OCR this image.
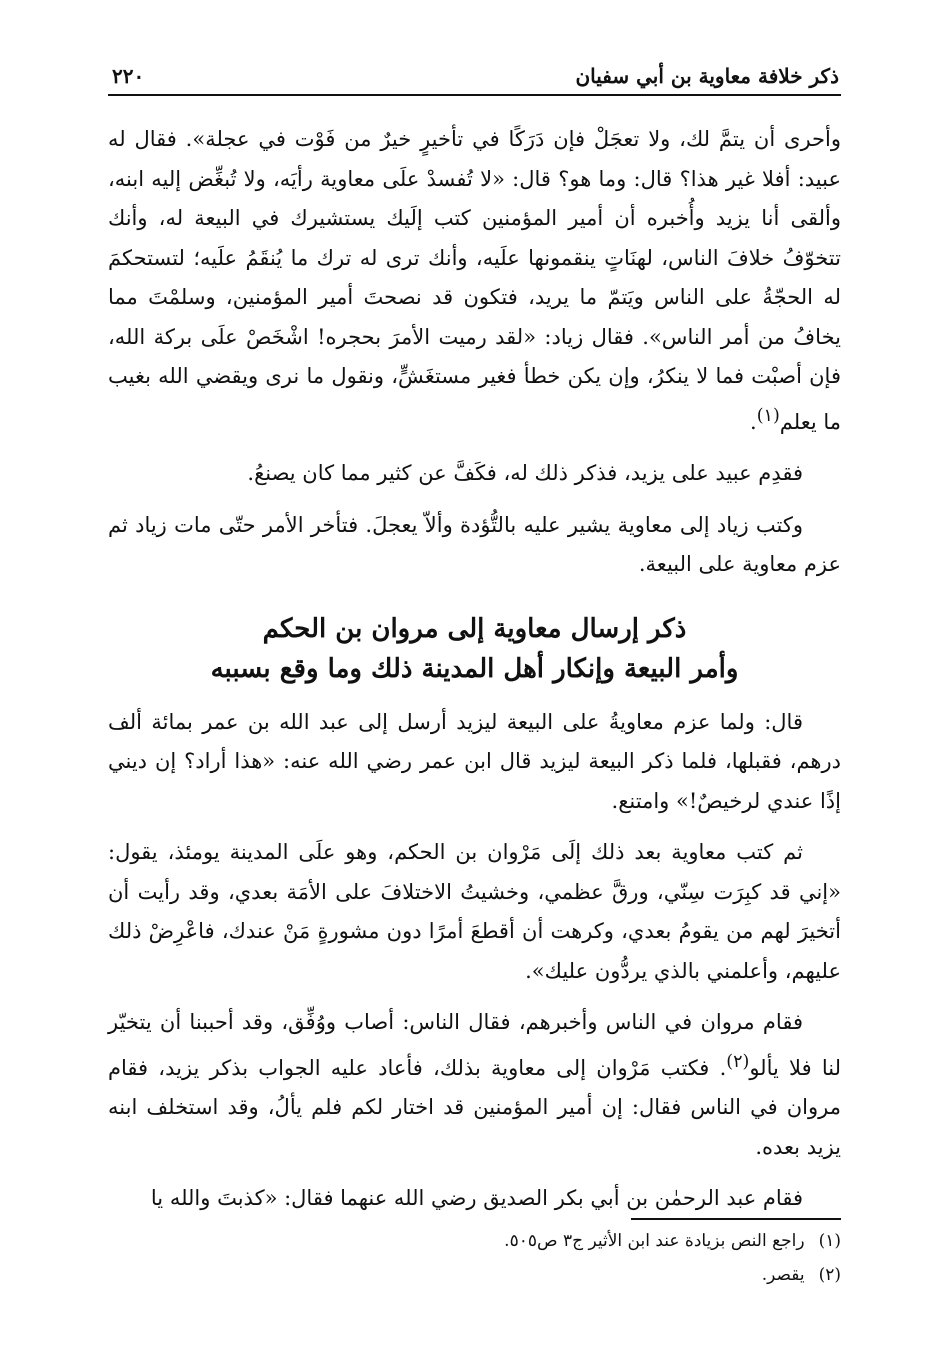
ذكر خلافة معاوية بن أبي سفيان
٢٢٠

وأحرى أن يتمَّ لك، ولا تعجَلْ فإن دَرَكًا في تأخيرٍ خيرٌ من فَوْت في عجلة». فقال له عبيد: أفلا غير هذا؟ قال: وما هو؟ قال: «لا تُفسدْ علَى معاوية رأيَه، ولا تُبغِّض إليه ابنه، وألقى أنا يزيد وأُخبره أن أمير المؤمنين كتب إلَيك يستشيرك في البيعة له، وأنك تتخوّفُ خلافَ الناس، لهنَاتٍ ينقمونها علَيه، وأنك ترى له ترك ما يُنقَمُ علَيه؛ لتستحكمَ له الحجّةُ على الناس ويَتمّ ما يريد، فتكون قد نصحتَ أمير المؤمنين، وسلمْتَ مما يخافُ من أمر الناس». فقال زياد: «لقد رميت الأمرَ بحجره! اشْخَصْ علَى بركة الله، فإن أصبْت فما لا ينكرُ، وإن يكن خطأ فغير مستغَشٍّ، ونقول ما نرى ويقضي الله بغيب ما يعلم$^{(١)}$.

فقدِم عبيد على يزيد، فذكر ذلك له، فكَفَّ عن كثير مما كان يصنعُ.

وكتب زياد إلى معاوية يشير عليه بالتُّؤدة وألاّ يعجلَ. فتأخر الأمر حتّى مات زياد ثم عزم معاوية على البيعة.

ذكر إرسال معاوية إلى مروان بن الحكم
وأمر البيعة وإنكار أهل المدينة ذلك وما وقع بسببه

قال: ولما عزم معاويةُ على البيعة ليزيد أرسل إلى عبد الله بن عمر بمائة ألف درهم، فقبلها، فلما ذكر البيعة ليزيد قال ابن عمر رضي الله عنه: «هذا أراد؟ إن ديني إذًا عندي لرخيصٌ!» وامتنع.

ثم كتب معاوية بعد ذلك إلَى مَرْوان بن الحكم، وهو علَى المدينة يومئذ، يقول: «إني قد كبِرَت سِنّي، ورقَّ عظمي، وخشيتُ الاختلافَ على الأمَة بعدي، وقد رأيت أن أتخيرَ لهم من يقومُ بعدي، وكرهت أن أقطعَ أمرًا دون مشورةٍ مَنْ عندك، فاعْرِضْ ذلك عليهم، وأعلمني بالذي يردُّون عليك».

فقام مروان في الناس وأخبرهم، فقال الناس: أصاب ووُفِّق، وقد أحببنا أن يتخيّر لنا فلا يألو$^{(٢)}$. فكتب مَرْوان إلى معاوية بذلك، فأعاد عليه الجواب بذكر يزيد، فقام مروان في الناس فقال: إن أمير المؤمنين قد اختار لكم فلم يألُ، وقد استخلف ابنه يزيد بعده.

فقام عبد الرحمٰن بن أبي بكر الصديق رضي الله عنهما فقال: «كذبتَ والله يا

(١)راجع النص بزيادة عند ابن الأثير ج٣ ص٥٠٥.
(٢)يقصر.
